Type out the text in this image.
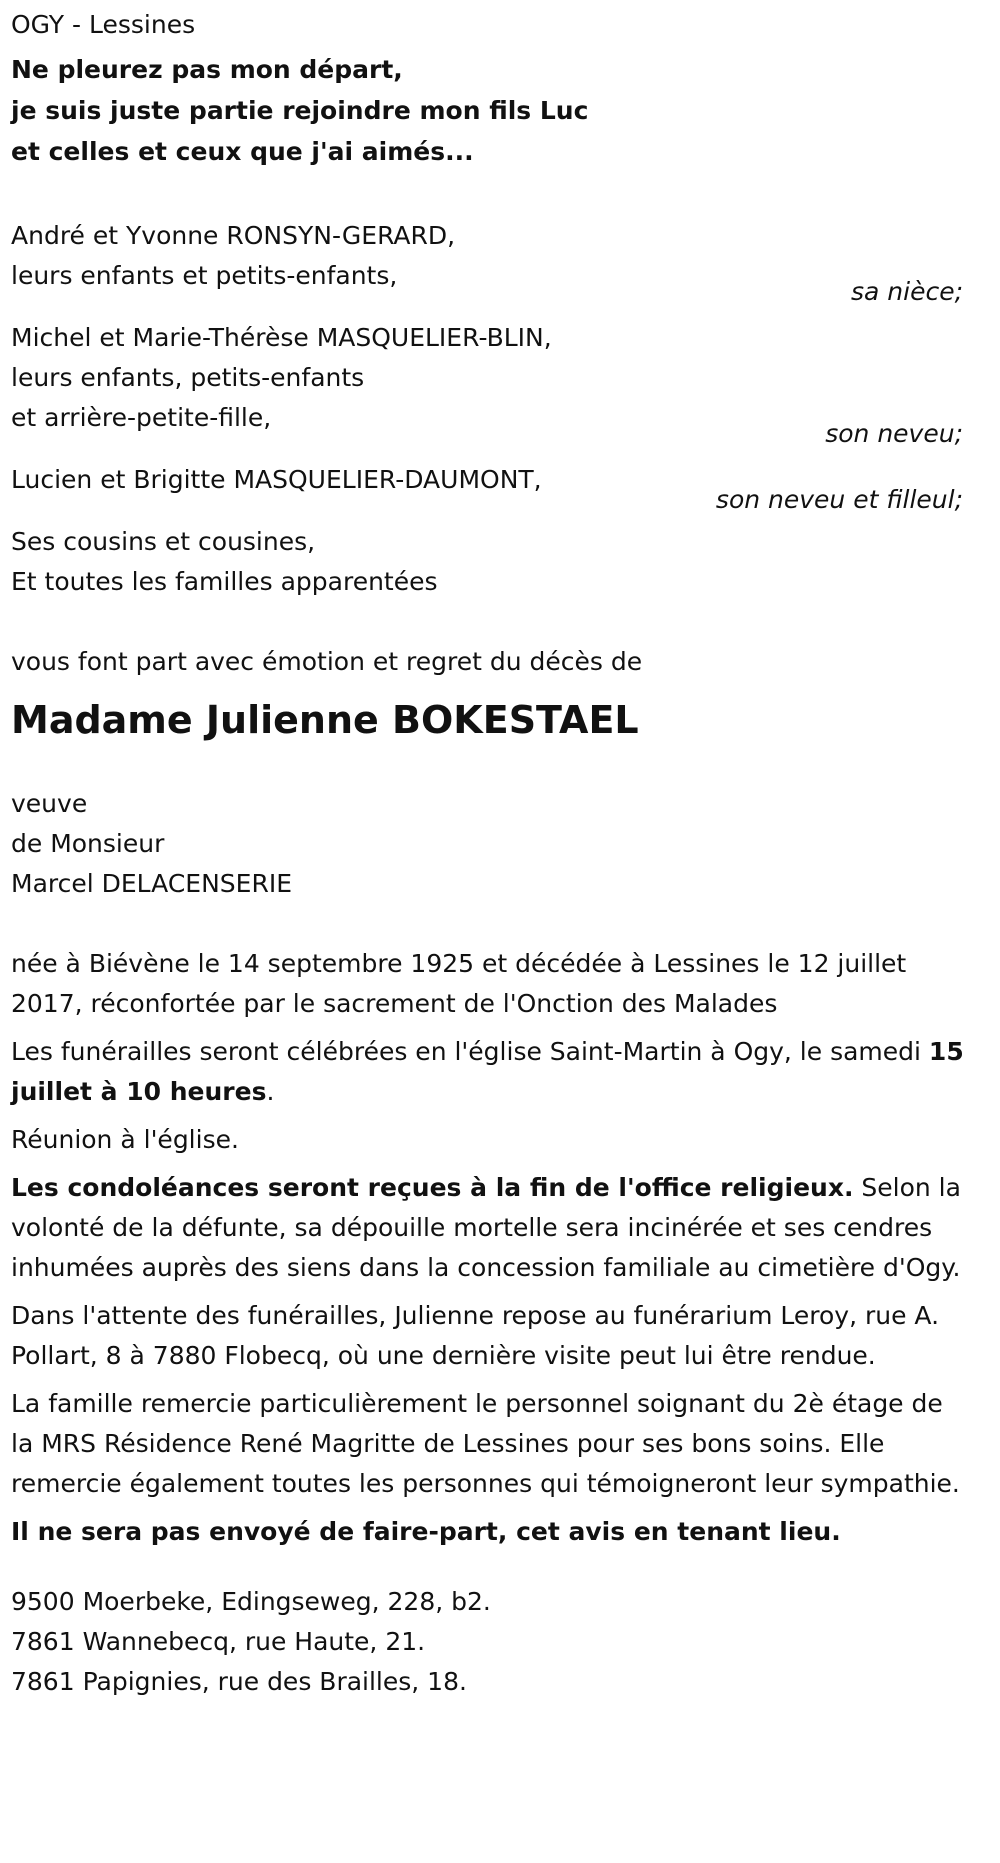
OGY - Lessines
Ne pleurez pas mon départ,
je suis juste partie rejoindre mon fils Luc
et celles et ceux que j'ai aimés...
André et Yvonne RONSYN-GERARD,
leurs enfants et petits-enfants,
sa nièce;
Michel et Marie-Thérèse MASQUELIER-BLIN,
leurs enfants, petits-enfants
et arrière-petite-fille,
son neveu;
Lucien et Brigitte MASQUELIER-DAUMONT,
son neveu et filleul;
Ses cousins et cousines,
Et toutes les familles apparentées
vous font part avec émotion et regret du décès de
Madame Julienne BOKESTAEL
veuve
de Monsieur
Marcel DELACENSERIE

née à Biévène le 14 septembre 1925 et décédée à Lessines le 12 juillet 2017, réconfortée par le sacrement de l'Onction des Malades

Les funérailles seront célébrées en l'église Saint-Martin à Ogy, le samedi 15 juillet à 10 heures.

Réunion à l'église.

Les condoléances seront reçues à la fin de l'office religieux. Selon la volonté de la défunte, sa dépouille mortelle sera incinérée et ses cendres inhumées auprès des siens dans la concession familiale au cimetière d'Ogy.

Dans l'attente des funérailles, Julienne repose au funérarium Leroy, rue A. Pollart, 8 à 7880 Flobecq, où une dernière visite peut lui être rendue.

La famille remercie particulièrement le personnel soignant du 2è étage de la MRS Résidence René Magritte de Lessines pour ses bons soins. Elle remercie également toutes les personnes qui témoigneront leur sympathie.

Il ne sera pas envoyé de faire-part, cet avis en tenant lieu.

9500 Moerbeke, Edingseweg, 228, b2.
7861 Wannebecq, rue Haute, 21.
7861 Papignies, rue des Brailles, 18.
